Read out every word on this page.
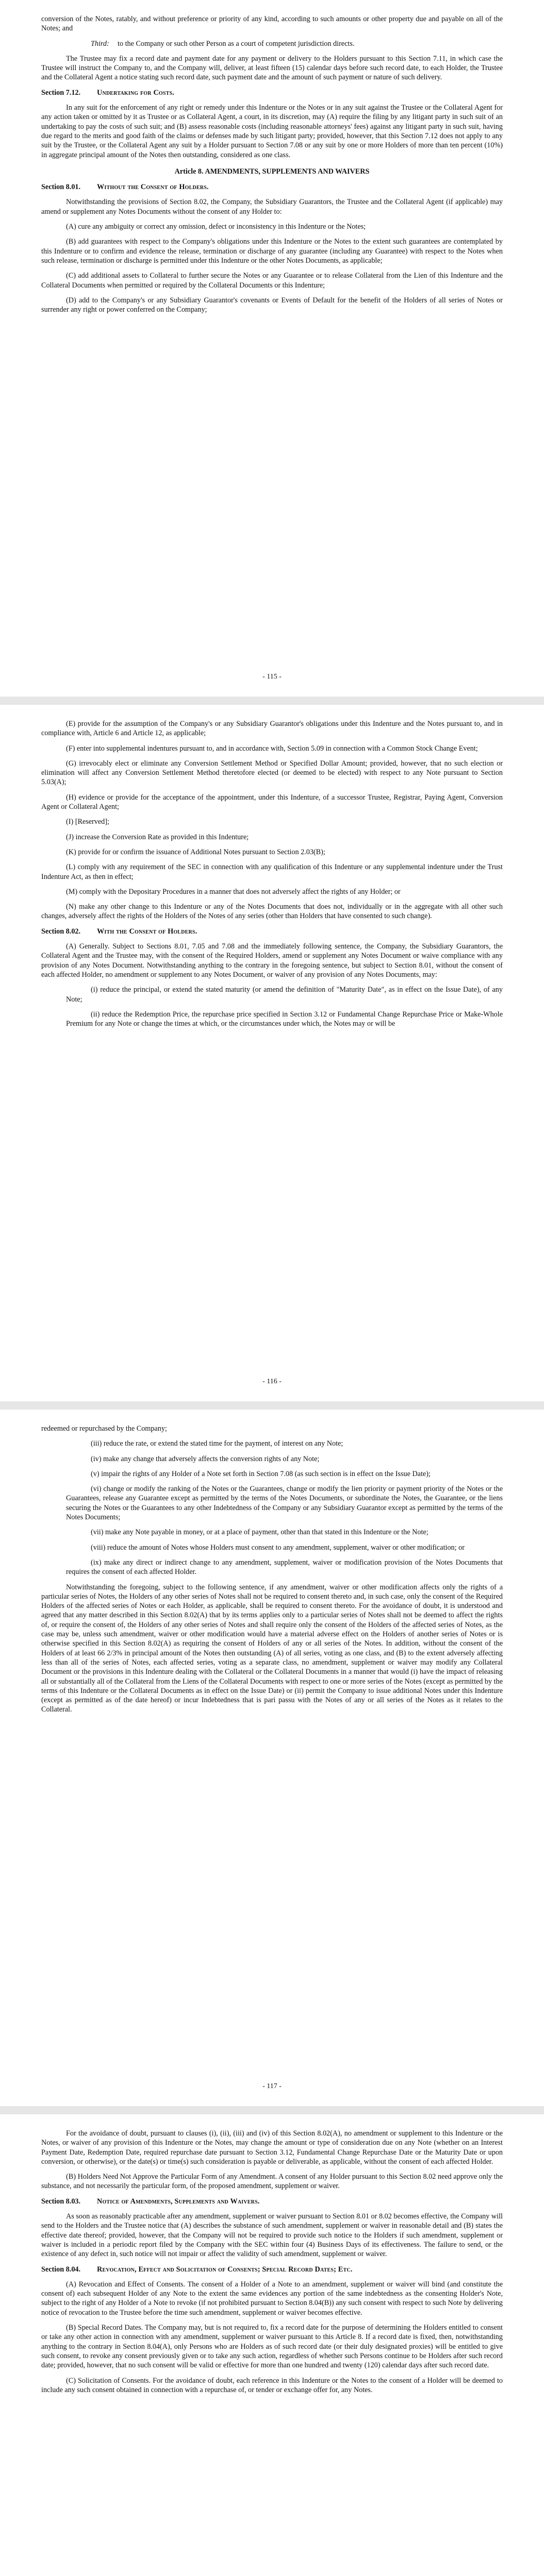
conversion of the Notes, ratably, and without preference or priority of any kind, according to such amounts or other property due and payable on all of the Notes; and

Third:	to the Company or such other Person as a court of competent jurisdiction directs.

The Trustee may fix a record date and payment date for any payment or delivery to the Holders pursuant to this Section 7.11, in which case the Trustee will instruct the Company to, and the Company will, deliver, at least fifteen (15) calendar days before such record date, to each Holder, the Trustee and the Collateral Agent a notice stating such record date, such payment date and the amount of such payment or nature of such delivery.

Section 7.12. Undertaking for Costs.

In any suit for the enforcement of any right or remedy under this Indenture or the Notes or in any suit against the Trustee or the Collateral Agent for any action taken or omitted by it as Trustee or as Collateral Agent, a court, in its discretion, may (A) require the filing by any litigant party in such suit of an undertaking to pay the costs of such suit; and (B) assess reasonable costs (including reasonable attorneys' fees) against any litigant party in such suit, having due regard to the merits and good faith of the claims or defenses made by such litigant party; provided, however, that this Section 7.12 does not apply to any suit by the Trustee, or the Collateral Agent any suit by a Holder pursuant to Section 7.08 or any suit by one or more Holders of more than ten percent (10%) in aggregate principal amount of the Notes then outstanding, considered as one class.

Article 8. AMENDMENTS, SUPPLEMENTS AND WAIVERS

Section 8.01. Without the Consent of Holders.

Notwithstanding the provisions of Section 8.02, the Company, the Subsidiary Guarantors, the Trustee and the Collateral Agent (if applicable) may amend or supplement any Notes Documents without the consent of any Holder to:

(A) cure any ambiguity or correct any omission, defect or inconsistency in this Indenture or the Notes;

(B) add guarantees with respect to the Company's obligations under this Indenture or the Notes to the extent such guarantees are contemplated by this Indenture or to confirm and evidence the release, termination or discharge of any guarantee (including any Guarantee) with respect to the Notes when such release, termination or discharge is permitted under this Indenture or the other Notes Documents, as applicable;

(C) add additional assets to Collateral to further secure the Notes or any Guarantee or to release Collateral from the Lien of this Indenture and the Collateral Documents when permitted or required by the Collateral Documents or this Indenture;

(D) add to the Company's or any Subsidiary Guarantor's covenants or Events of Default for the benefit of the Holders of all series of Notes or surrender any right or power conferred on the Company;

- 115 -

(E) provide for the assumption of the Company's or any Subsidiary Guarantor's obligations under this Indenture and the Notes pursuant to, and in compliance with, Article 6 and Article 12, as applicable;

(F) enter into supplemental indentures pursuant to, and in accordance with, Section 5.09 in connection with a Common Stock Change Event;

(G) irrevocably elect or eliminate any Conversion Settlement Method or Specified Dollar Amount; provided, however, that no such election or elimination will affect any Conversion Settlement Method theretofore elected (or deemed to be elected) with respect to any Note pursuant to Section 5.03(A);

(H) evidence or provide for the acceptance of the appointment, under this Indenture, of a successor Trustee, Registrar, Paying Agent, Conversion Agent or Collateral Agent;

(I) [Reserved];

(J) increase the Conversion Rate as provided in this Indenture;

(K) provide for or confirm the issuance of Additional Notes pursuant to Section 2.03(B);

(L) comply with any requirement of the SEC in connection with any qualification of this Indenture or any supplemental indenture under the Trust Indenture Act, as then in effect;

(M) comply with the Depositary Procedures in a manner that does not adversely affect the rights of any Holder; or

(N) make any other change to this Indenture or any of the Notes Documents that does not, individually or in the aggregate with all other such changes, adversely affect the rights of the Holders of the Notes of any series (other than Holders that have consented to such change).

Section 8.02. With the Consent of Holders.

(A) Generally. Subject to Sections 8.01, 7.05 and 7.08 and the immediately following sentence, the Company, the Subsidiary Guarantors, the Collateral Agent and the Trustee may, with the consent of the Required Holders, amend or supplement any Notes Document or waive compliance with any provision of any Notes Document. Notwithstanding anything to the contrary in the foregoing sentence, but subject to Section 8.01, without the consent of each affected Holder, no amendment or supplement to any Notes Document, or waiver of any provision of any Notes Documents, may:

(i) reduce the principal, or extend the stated maturity (or amend the definition of "Maturity Date", as in effect on the Issue Date), of any Note;

(ii) reduce the Redemption Price, the repurchase price specified in Section 3.12 or Fundamental Change Repurchase Price or Make-Whole Premium for any Note or change the times at which, or the circumstances under which, the Notes may or will be

- 116 -

redeemed or repurchased by the Company;

(iii) reduce the rate, or extend the stated time for the payment, of interest on any Note;

(iv) make any change that adversely affects the conversion rights of any Note;

(v) impair the rights of any Holder of a Note set forth in Section 7.08 (as such section is in effect on the Issue Date);

(vi) change or modify the ranking of the Notes or the Guarantees, change or modify the lien priority or payment priority of the Notes or the Guarantees, release any Guarantee except as permitted by the terms of the Notes Documents, or subordinate the Notes, the Guarantee, or the liens securing the Notes or the Guarantees to any other Indebtedness of the Company or any Subsidiary Guarantor except as permitted by the terms of the Notes Documents;

(vii) make any Note payable in money, or at a place of payment, other than that stated in this Indenture or the Note;

(viii) reduce the amount of Notes whose Holders must consent to any amendment, supplement, waiver or other modification; or

(ix) make any direct or indirect change to any amendment, supplement, waiver or modification provision of the Notes Documents that requires the consent of each affected Holder.

Notwithstanding the foregoing, subject to the following sentence, if any amendment, waiver or other modification affects only the rights of a particular series of Notes, the Holders of any other series of Notes shall not be required to consent thereto and, in such case, only the consent of the Required Holders of the affected series of Notes or each Holder, as applicable, shall be required to consent thereto. For the avoidance of doubt, it is understood and agreed that any matter described in this Section 8.02(A) that by its terms applies only to a particular series of Notes shall not be deemed to affect the rights of, or require the consent of, the Holders of any other series of Notes and shall require only the consent of the Holders of the affected series of Notes, as the case may be, unless such amendment, waiver or other modification would have a material adverse effect on the Holders of another series of Notes or is otherwise specified in this Section 8.02(A) as requiring the consent of Holders of any or all series of the Notes. In addition, without the consent of the Holders of at least 66 2/3% in principal amount of the Notes then outstanding (A) of all series, voting as one class, and (B) to the extent adversely affecting less than all of the series of Notes, each affected series, voting as a separate class, no amendment, supplement or waiver may modify any Collateral Document or the provisions in this Indenture dealing with the Collateral or the Collateral Documents in a manner that would (i) have the impact of releasing all or substantially all of the Collateral from the Liens of the Collateral Documents with respect to one or more series of the Notes (except as permitted by the terms of this Indenture or the Collateral Documents as in effect on the Issue Date) or (ii) permit the Company to issue additional Notes under this Indenture (except as permitted as of the date hereof) or incur Indebtedness that is pari passu with the Notes of any or all series of the Notes as it relates to the Collateral.

- 117 -

For the avoidance of doubt, pursuant to clauses (i), (ii), (iii) and (iv) of this Section 8.02(A), no amendment or supplement to this Indenture or the Notes, or waiver of any provision of this Indenture or the Notes, may change the amount or type of consideration due on any Note (whether on an Interest Payment Date, Redemption Date, required repurchase date pursuant to Section 3.12, Fundamental Change Repurchase Date or the Maturity Date or upon conversion, or otherwise), or the date(s) or time(s) such consideration is payable or deliverable, as applicable, without the consent of each affected Holder.

(B) Holders Need Not Approve the Particular Form of any Amendment. A consent of any Holder pursuant to this Section 8.02 need approve only the substance, and not necessarily the particular form, of the proposed amendment, supplement or waiver.

Section 8.03. Notice of Amendments, Supplements and Waivers.

As soon as reasonably practicable after any amendment, supplement or waiver pursuant to Section 8.01 or 8.02 becomes effective, the Company will send to the Holders and the Trustee notice that (A) describes the substance of such amendment, supplement or waiver in reasonable detail and (B) states the effective date thereof; provided, however, that the Company will not be required to provide such notice to the Holders if such amendment, supplement or waiver is included in a periodic report filed by the Company with the SEC within four (4) Business Days of its effectiveness. The failure to send, or the existence of any defect in, such notice will not impair or affect the validity of such amendment, supplement or waiver.

Section 8.04. Revocation, Effect and Solicitation of Consents; Special Record Dates; Etc.

(A) Revocation and Effect of Consents. The consent of a Holder of a Note to an amendment, supplement or waiver will bind (and constitute the consent of) each subsequent Holder of any Note to the extent the same evidences any portion of the same indebtedness as the consenting Holder's Note, subject to the right of any Holder of a Note to revoke (if not prohibited pursuant to Section 8.04(B)) any such consent with respect to such Note by delivering notice of revocation to the Trustee before the time such amendment, supplement or waiver becomes effective.

(B) Special Record Dates. The Company may, but is not required to, fix a record date for the purpose of determining the Holders entitled to consent or take any other action in connection with any amendment, supplement or waiver pursuant to this Article 8. If a record date is fixed, then, notwithstanding anything to the contrary in Section 8.04(A), only Persons who are Holders as of such record date (or their duly designated proxies) will be entitled to give such consent, to revoke any consent previously given or to take any such action, regardless of whether such Persons continue to be Holders after such record date; provided, however, that no such consent will be valid or effective for more than one hundred and twenty (120) calendar days after such record date.

(C) Solicitation of Consents. For the avoidance of doubt, each reference in this Indenture or the Notes to the consent of a Holder will be deemed to include any such consent obtained in connection with a repurchase of, or tender or exchange offer for, any Notes.
